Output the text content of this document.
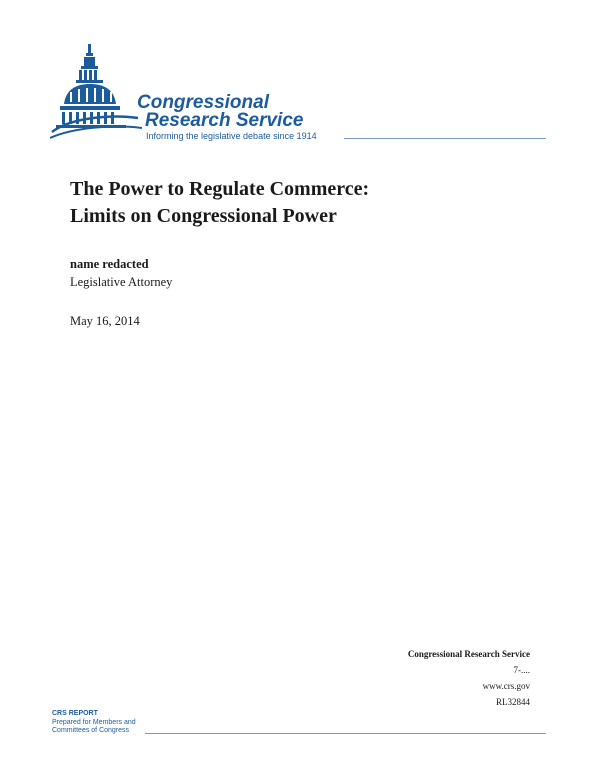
Congressional
Research Service
Informing the legislative debate since 1914
The Power to Regulate Commerce:
Limits on Congressional Power
name redacted
Legislative Attorney
May 16, 2014
Congressional Research Service
7-....
www.crs.gov
RL32844
CRS REPORT
Prepared for Members and
Committees of Congress
